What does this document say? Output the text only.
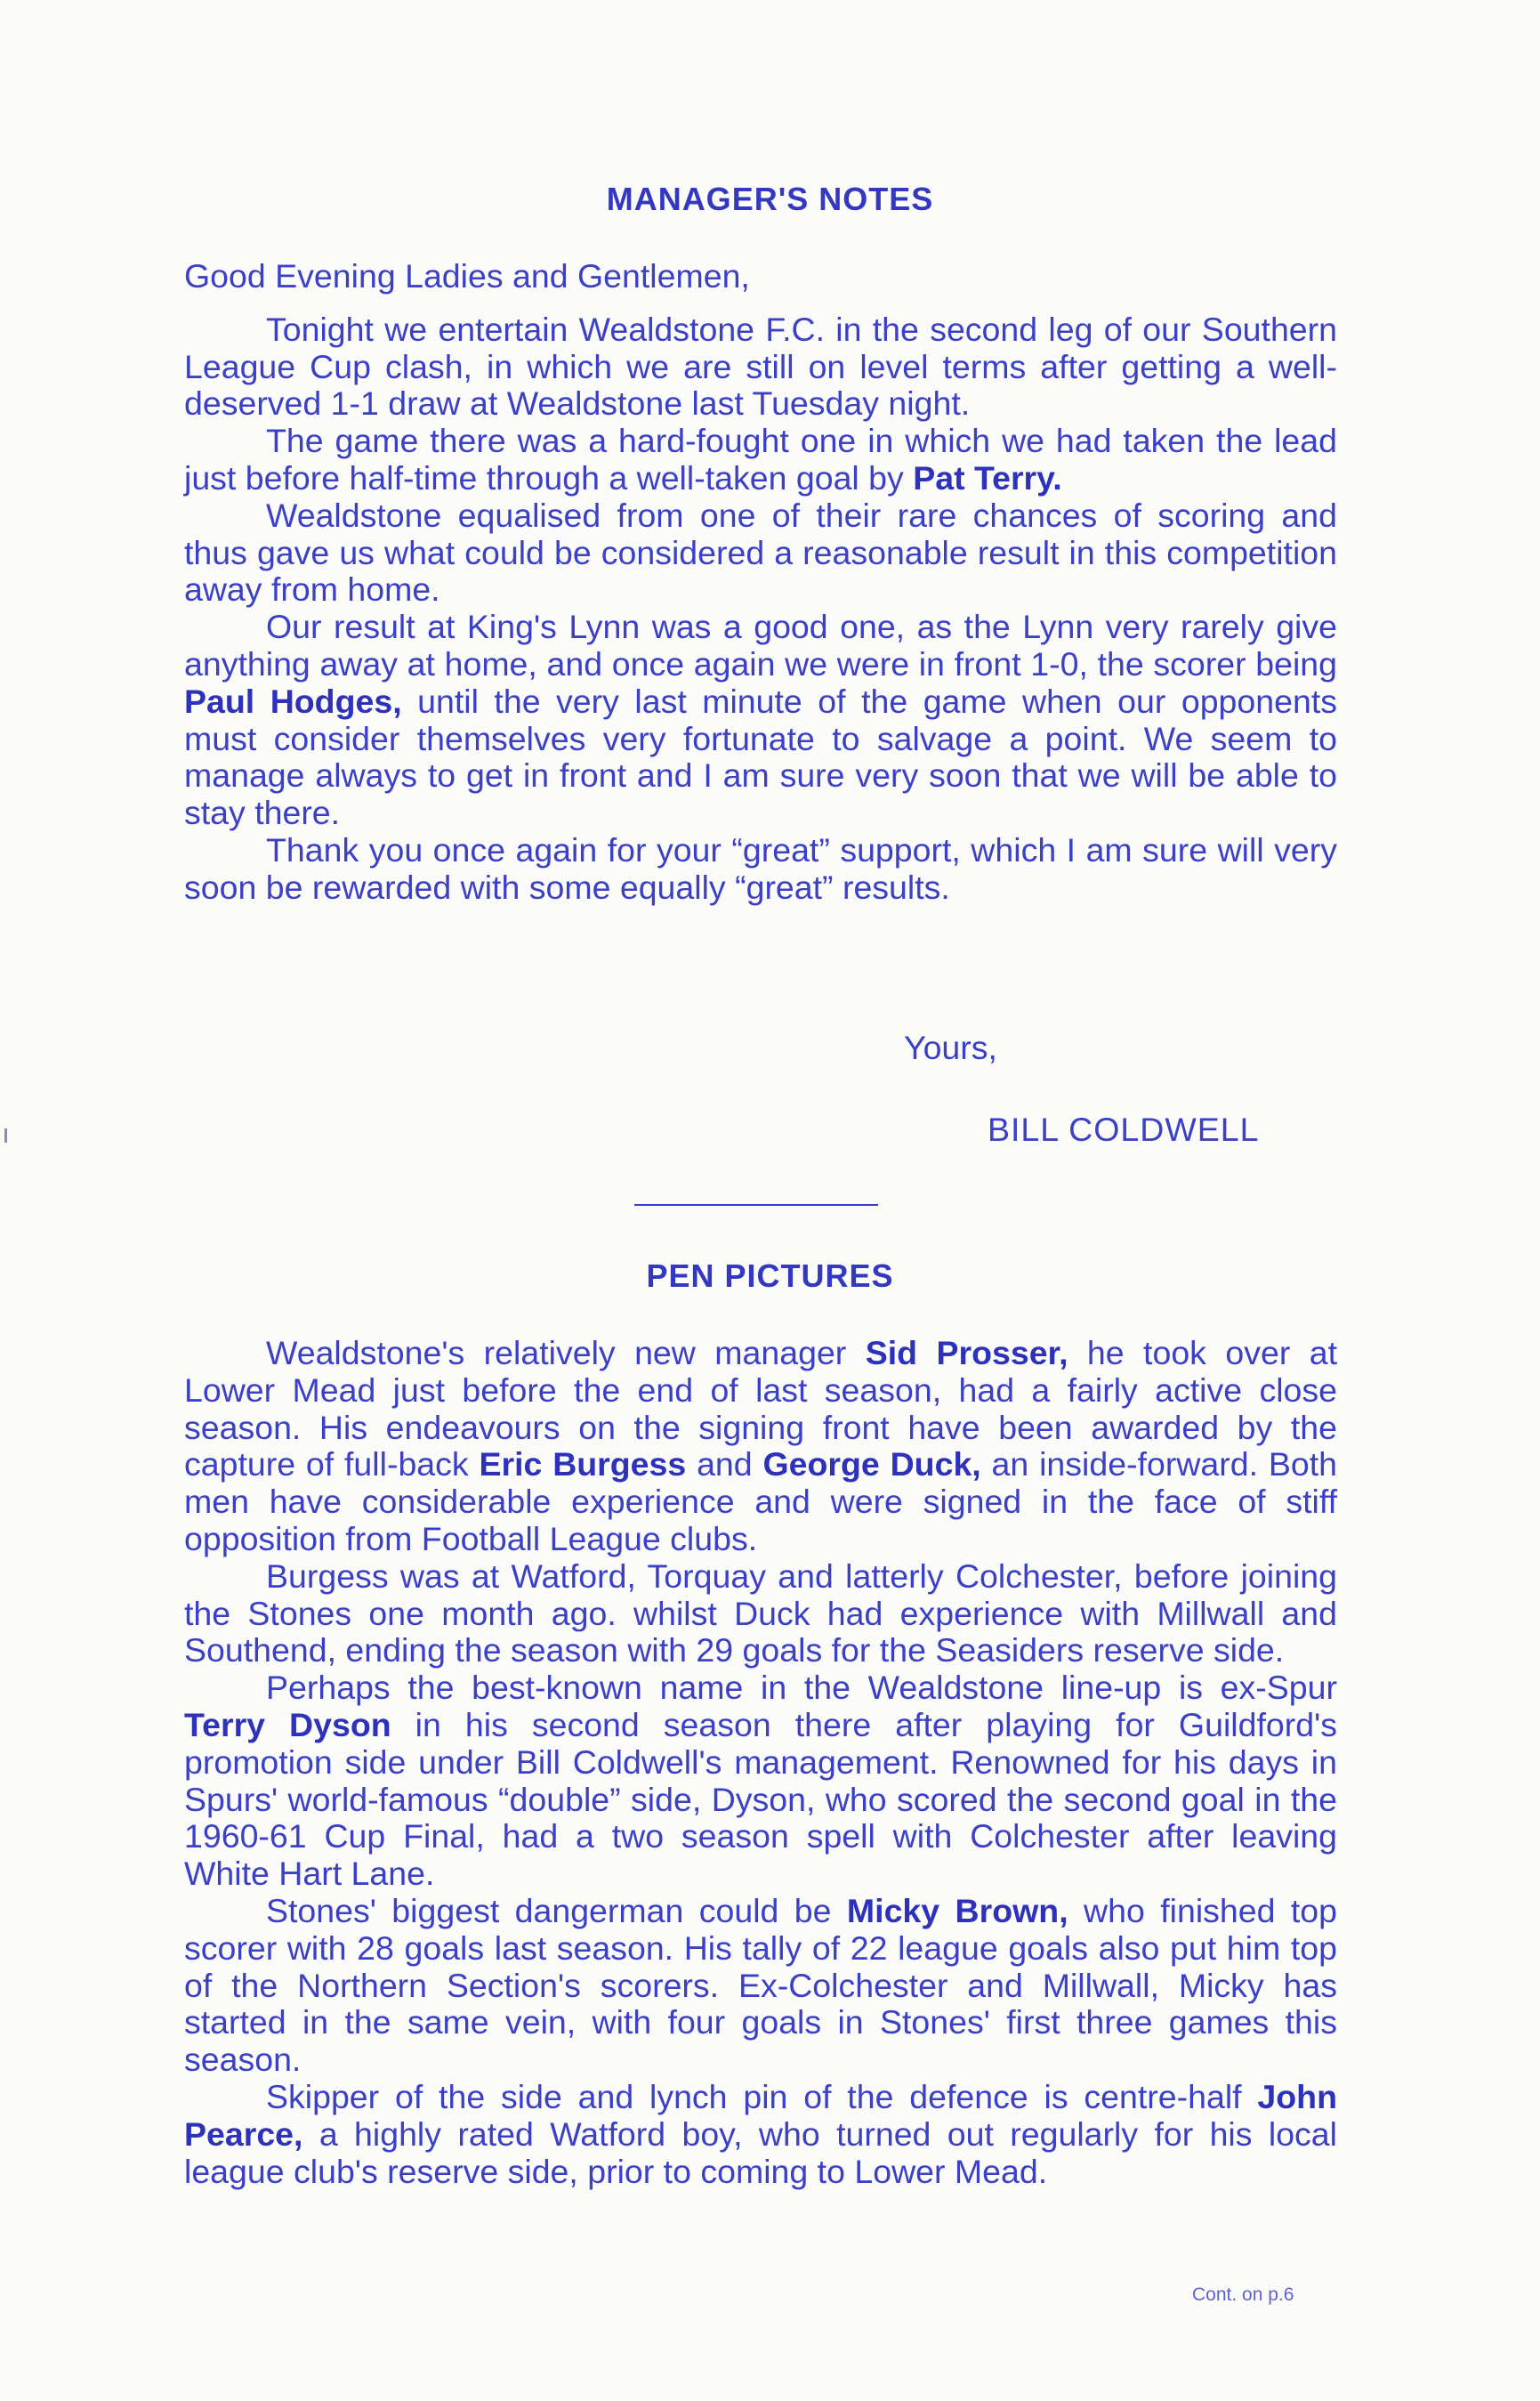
MANAGER'S NOTES

Good Evening Ladies and Gentlemen,

Tonight we entertain Wealdstone F.C. in the second leg of our Southern League Cup clash, in which we are still on level terms after getting a well-deserved 1-1 draw at Wealdstone last Tuesday night.

The game there was a hard-fought one in which we had taken the lead just before half-time through a well-taken goal by Pat Terry.

Wealdstone equalised from one of their rare chances of scoring and thus gave us what could be considered a reasonable result in this competition away from home.

Our result at King's Lynn was a good one, as the Lynn very rarely give anything away at home, and once again we were in front 1-0, the scorer being Paul Hodges, until the very last minute of the game when our opponents must consider themselves very fortunate to salvage a point. We seem to manage always to get in front and I am sure very soon that we will be able to stay there.

Thank you once again for your “great” support, which I am sure will very soon be rewarded with some equally “great” results.

Yours,
BILL COLDWELL
PEN PICTURES

Wealdstone's relatively new manager Sid Prosser, he took over at Lower Mead just before the end of last season, had a fairly active close season. His endeavours on the signing front have been awarded by the capture of full-back Eric Burgess and George Duck, an inside-forward. Both men have considerable experience and were signed in the face of stiff opposition from Football League clubs.

Burgess was at Watford, Torquay and latterly Colchester, before joining the Stones one month ago. whilst Duck had experience with Millwall and Southend, ending the season with 29 goals for the Seasiders reserve side.

Perhaps the best-known name in the Wealdstone line-up is ex-Spur Terry Dyson in his second season there after playing for Guildford's promotion side under Bill Coldwell's management. Renowned for his days in Spurs' world-famous “double” side, Dyson, who scored the second goal in the 1960-61 Cup Final, had a two season spell with Colchester after leaving White Hart Lane.

Stones' biggest dangerman could be Micky Brown, who finished top scorer with 28 goals last season. His tally of 22 league goals also put him top of the Northern Section's scorers. Ex-Colchester and Millwall, Micky has started in the same vein, with four goals in Stones' first three games this season.

Skipper of the side and lynch pin of the defence is centre-half John Pearce, a highly rated Watford boy, who turned out regularly for his local league club's reserve side, prior to coming to Lower Mead.

Cont. on p.6
